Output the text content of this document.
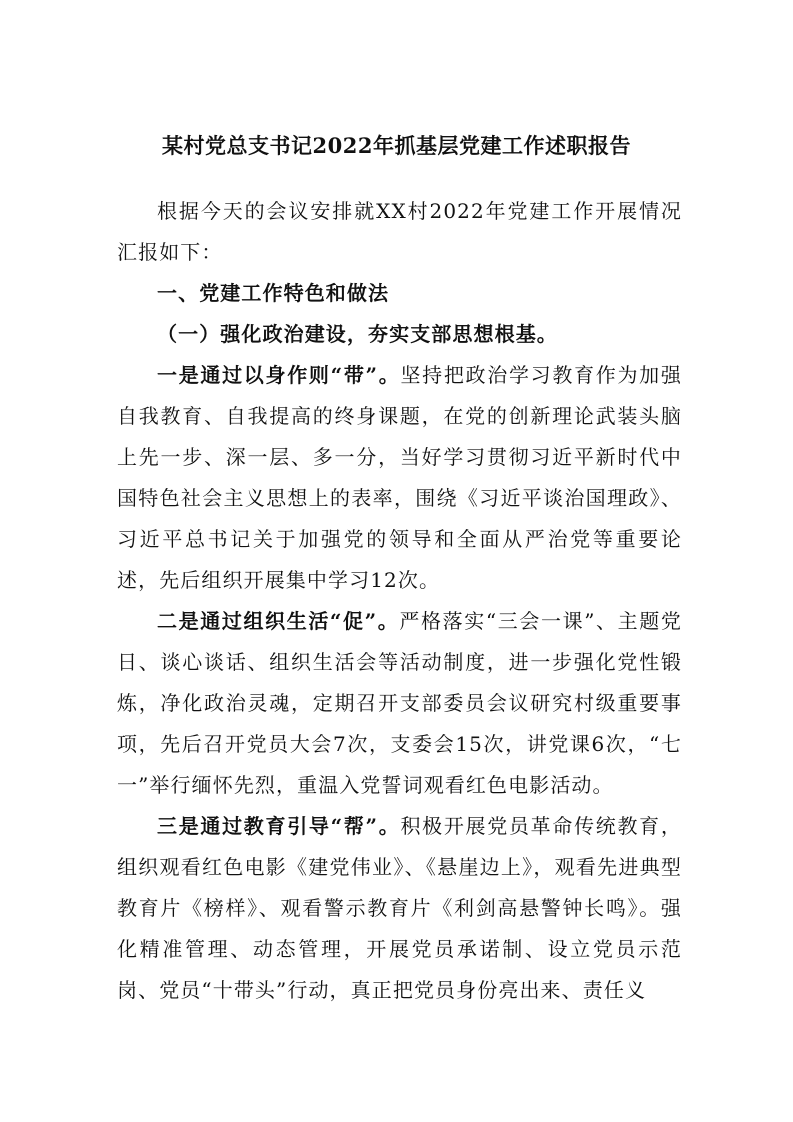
某村党总支书记2022年抓基层党建工作述职报告

根据今天的会议安排就XX村2022年党建工作开展情况汇报如下：

一、党建工作特色和做法

（一）强化政治建设，夯实支部思想根基。

一是通过以身作则“带”。坚持把政治学习教育作为加强自我教育、自我提高的终身课题，在党的创新理论武装头脑上先一步、深一层、多一分，当好学习贯彻习近平新时代中国特色社会主义思想上的表率，围绕《习近平谈治国理政》、习近平总书记关于加强党的领导和全面从严治党等重要论述，先后组织开展集中学习12次。

二是通过组织生活“促”。严格落实“三会一课”、主题党日、谈心谈话、组织生活会等活动制度，进一步强化党性锻炼，净化政治灵魂，定期召开支部委员会议研究村级重要事项，先后召开党员大会7次，支委会15次，讲党课6次，“七一”举行缅怀先烈，重温入党誓词观看红色电影活动。

三是通过教育引导“帮”。积极开展党员革命传统教育，组织观看红色电影《建党伟业》、《悬崖边上》，观看先进典型教育片《榜样》、观看警示教育片《利剑高悬警钟长鸣》。强化精准管理、动态管理，开展党员承诺制、设立党员示范岗、党员“十带头”行动，真正把党员身份亮出来、责任义
